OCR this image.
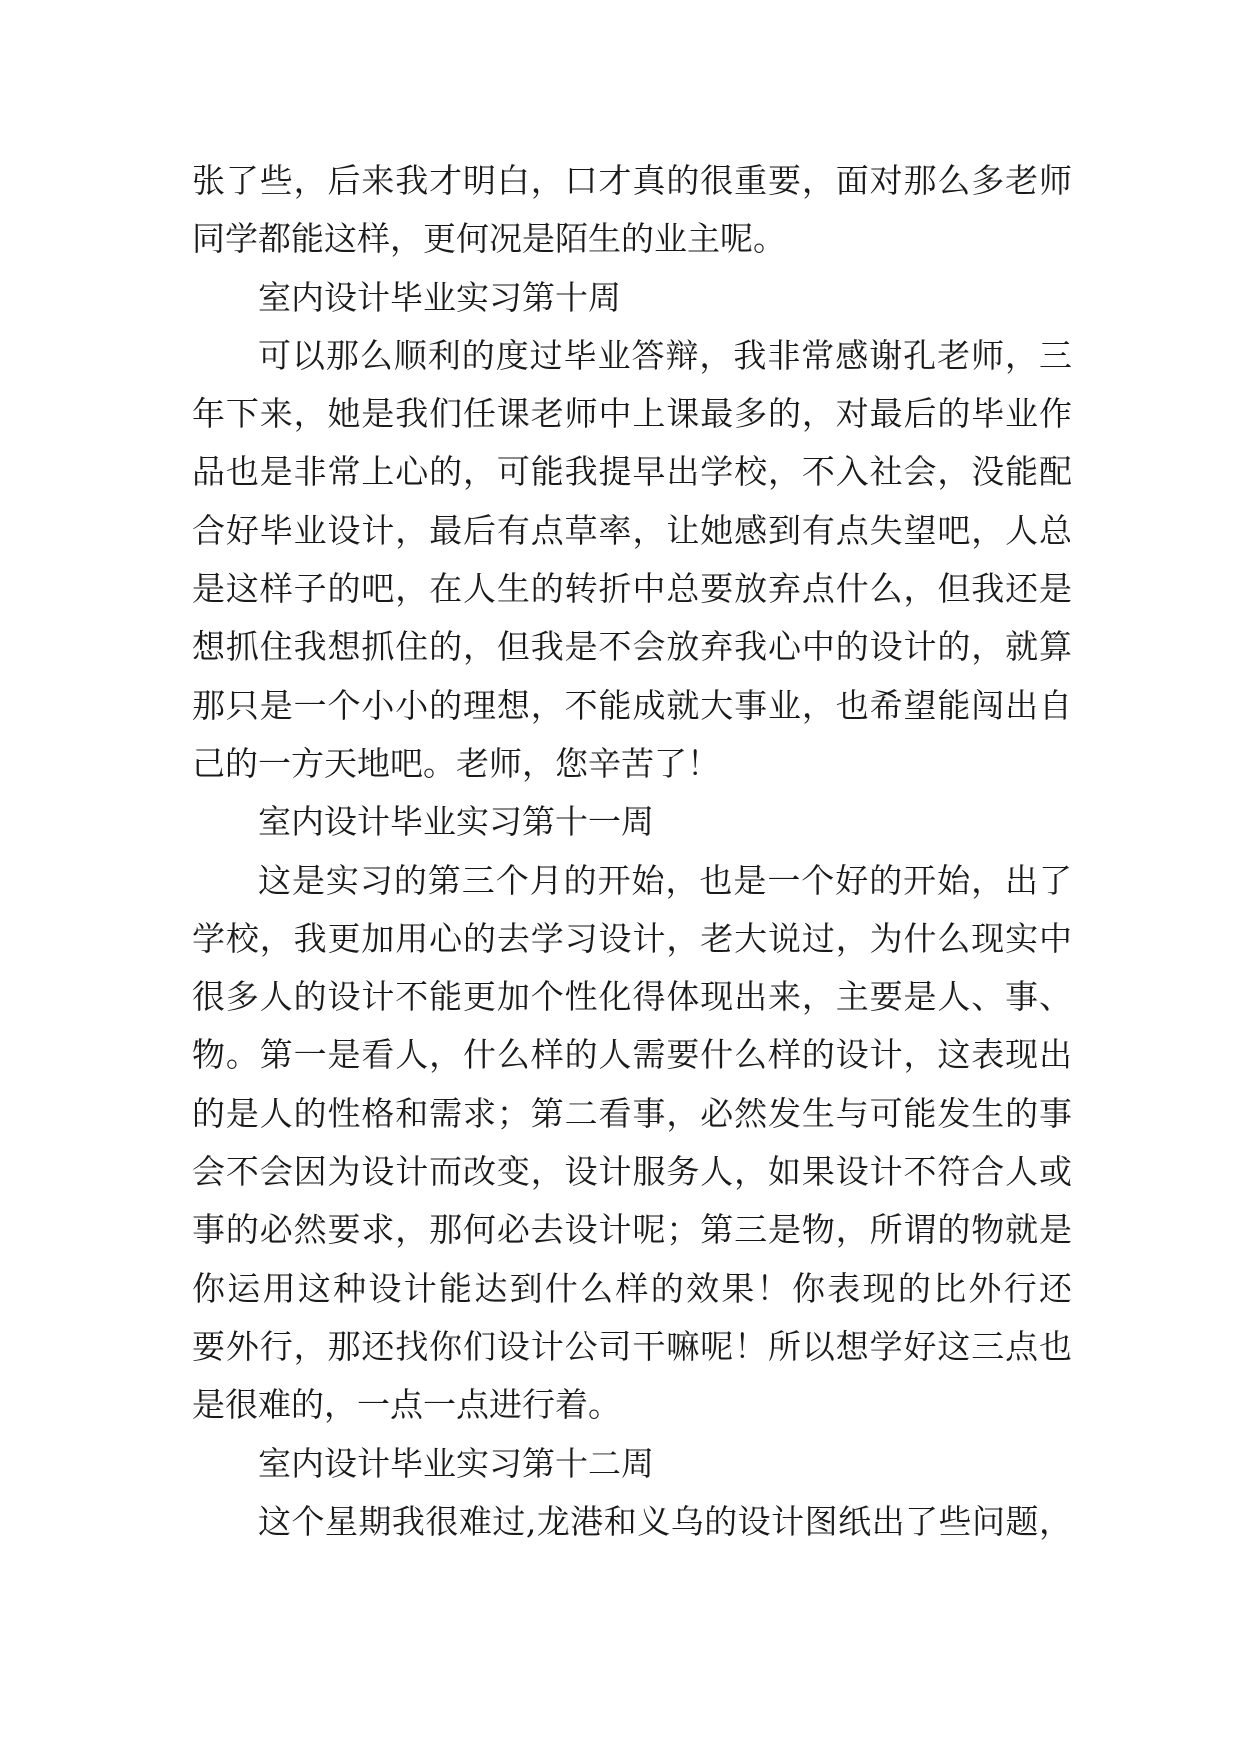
张了些，后来我才明白，口才真的很重要，面对那么多老师
同学都能这样，更何况是陌生的业主呢。
室内设计毕业实习第十周
可以那么顺利的度过毕业答辩，我非常感谢孔老师，三
年下来，她是我们任课老师中上课最多的，对最后的毕业作
品也是非常上心的，可能我提早出学校，不入社会，没能配
合好毕业设计，最后有点草率，让她感到有点失望吧，人总
是这样子的吧，在人生的转折中总要放弃点什么，但我还是
想抓住我想抓住的，但我是不会放弃我心中的设计的，就算
那只是一个小小的理想，不能成就大事业，也希望能闯出自
己的一方天地吧。老师，您辛苦了！
室内设计毕业实习第十一周
这是实习的第三个月的开始，也是一个好的开始，出了
学校，我更加用心的去学习设计，老大说过，为什么现实中
很多人的设计不能更加个性化得体现出来，主要是人、事、
物。第一是看人，什么样的人需要什么样的设计，这表现出
的是人的性格和需求；第二看事，必然发生与可能发生的事
会不会因为设计而改变，设计服务人，如果设计不符合人或
事的必然要求，那何必去设计呢；第三是物，所谓的物就是
你运用这种设计能达到什么样的效果！你表现的比外行还
要外行，那还找你们设计公司干嘛呢！所以想学好这三点也
是很难的，一点一点进行着。
室内设计毕业实习第十二周
这个星期我很难过,龙港和义乌的设计图纸出了些问题，
